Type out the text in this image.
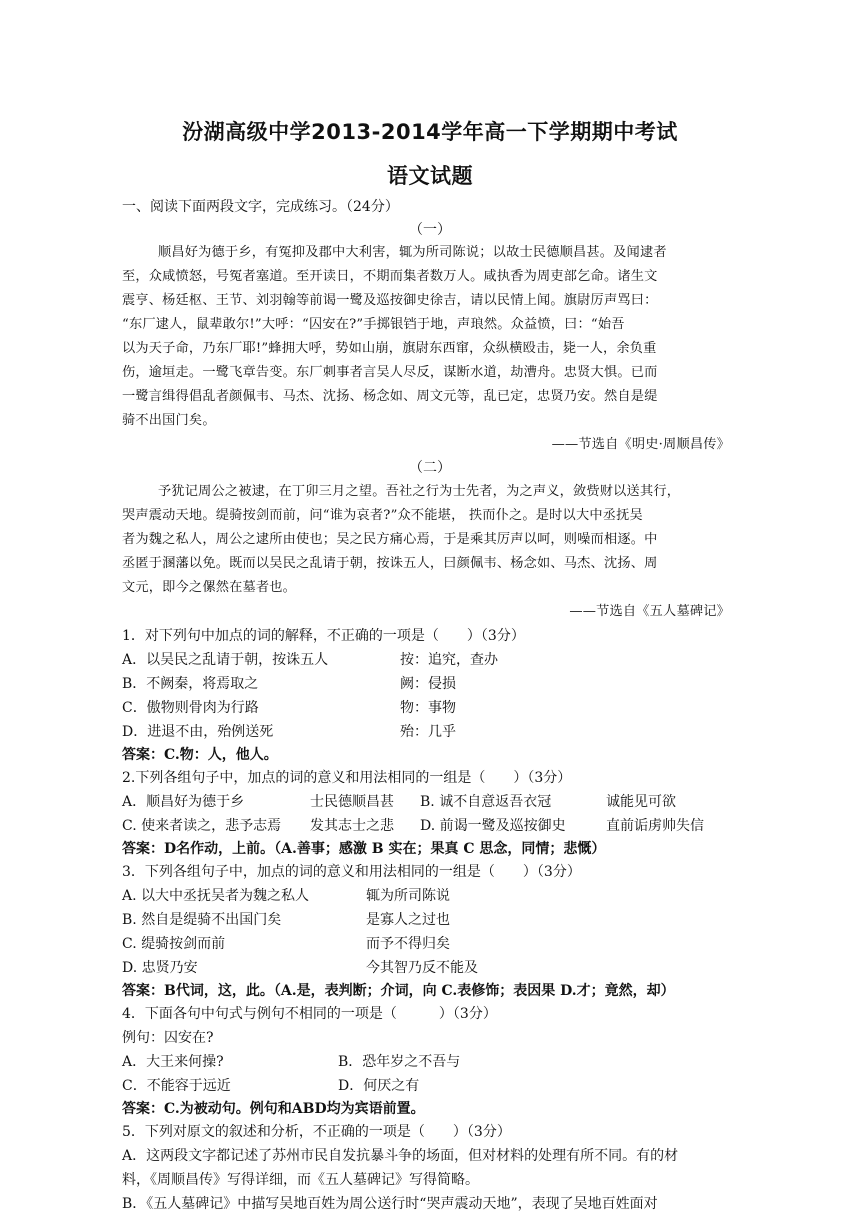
汾湖高级中学2013-2014学年高一下学期期中考试
语文试题
一、阅读下面两段文字，完成练习。（24分）
（一）
顺昌好为德于乡，有冤抑及郡中大利害，辄为所司陈说；以故士民德顺昌甚。及闻逮者
至，众咸愤怒，号冤者塞道。至开读日，不期而集者数万人。咸执香为周吏部乞命。诸生文
震亨、杨廷枢、王节、刘羽翰等前谒一鹭及巡按御史徐吉，请以民情上闻。旗尉厉声骂曰：
“东厂逮人，鼠辈敢尔!”大呼：“囚安在?”手掷银铛于地，声琅然。众益愤，曰：“始吾
以为天子命，乃东厂耶!”蜂拥大呼，势如山崩，旗尉东西窜，众纵横殴击，毙一人，余负重
伤，逾垣走。一鹭飞章告变。东厂刺事者言吴人尽反，谋断水道，劫漕舟。忠贤大惧。已而
一鹭言缉得倡乱者颜佩韦、马杰、沈扬、杨念如、周文元等，乱已定，忠贤乃安。然自是缇
骑不出国门矣。
——节选自《明史·周顺昌传》
（二）
予犹记周公之被逮，在丁卯三月之望。吾社之行为士先者，为之声义，敛赀财以送其行，
哭声震动天地。缇骑按剑而前，问“谁为哀者?”众不能堪， 抶而仆之。是时以大中丞抚吴
者为魏之私人，周公之逮所由使也；吴之民方痛心焉，于是乘其厉声以呵，则噪而相逐。中
丞匿于溷藩以免。既而以吴民之乱请于朝，按诛五人，曰颜佩韦、杨念如、马杰、沈扬、周
文元，即今之傫然在墓者也。
——节选自《五人墓碑记》
1．对下列句中加点的词的解释，不正确的一项是（　　）（3分）
A．以吴民之乱请于朝，按诛五人	按：追究，查办
B．不阙秦，将焉取之	阙：侵损
C．傲物则骨肉为行路	物：事物
D．进退不由，殆例送死	殆：几乎
答案：C.物：人，他人。
2.下列各组句子中，加点的词的意义和用法相同的一组是（　　）（3分）
A．顺昌好为德于乡	士民德顺昌甚 B. 诚不自意返吾衣冠	诚能见可欲
C. 使来者读之，悲予志焉 发其志士之悲 D. 前谒一鹭及巡按御史	直前诟虏帅失信
答案：D名作动，上前。（A.善事；感激 B 实在；果真 C 思念，同情；悲慨）
3．下列各组句子中，加点的词的意义和用法相同的一组是（　　）（3分）
A. 以大中丞抚吴者为魏之私人	辄为所司陈说
B. 然自是缇骑不出国门矣	是寡人之过也
C. 缇骑按剑而前	而予不得归矣
D. 忠贤乃安	今其智乃反不能及
答案：B代词，这，此。（A.是，表判断；介词，向 C.表修饰；表因果 D.才；竟然，却）
4．下面各句中句式与例句不相同的一项是（　　　）（3分）
例句：囚安在?
A．大王来何操?	B．恐年岁之不吾与
C．不能容于远近	D．何厌之有
答案：C.为被动句。例句和ABD均为宾语前置。
5．下列对原文的叙述和分析，不正确的一项是（　　）（3分）
A．这两段文字都记述了苏州市民自发抗暴斗争的场面，但对材料的处理有所不同。有的材
料，《周顺昌传》写得详细，而《五人墓碑记》写得简略。
B．《五人墓碑记》中描写吴地百姓为周公送行时“哭声震动天地”，表现了吴地百姓面对
